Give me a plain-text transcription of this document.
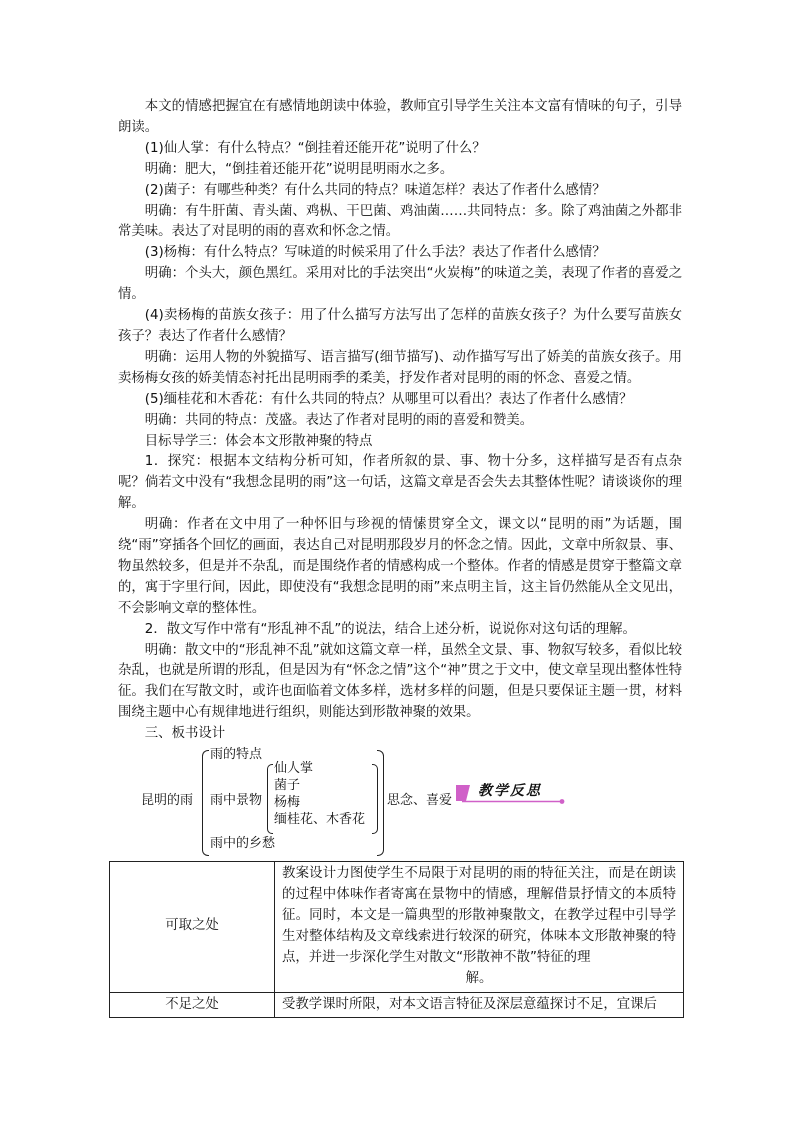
本文的情感把握宜在有感情地朗读中体验，教师宜引导学生关注本文富有情味的句子，引导朗读。

(1)仙人掌：有什么特点？“倒挂着还能开花”说明了什么？

明确：肥大，“倒挂着还能开花”说明昆明雨水之多。

(2)菌子：有哪些种类？有什么共同的特点？味道怎样？表达了作者什么感情？

明确：有牛肝菌、青头菌、鸡枞、干巴菌、鸡油菌……共同特点：多。除了鸡油菌之外都非常美味。表达了对昆明的雨的喜欢和怀念之情。

(3)杨梅：有什么特点？写味道的时候采用了什么手法？表达了作者什么感情？

明确：个头大，颜色黑红。采用对比的手法突出“火炭梅”的味道之美，表现了作者的喜爱之情。

(4)卖杨梅的苗族女孩子：用了什么描写方法写出了怎样的苗族女孩子？为什么要写苗族女孩子？表达了作者什么感情？

明确：运用人物的外貌描写、语言描写(细节描写)、动作描写写出了娇美的苗族女孩子。用卖杨梅女孩的娇美情态衬托出昆明雨季的柔美，抒发作者对昆明的雨的怀念、喜爱之情。

(5)缅桂花和木香花：有什么共同的特点？从哪里可以看出？表达了作者什么感情？

明确：共同的特点：茂盛。表达了作者对昆明的雨的喜爱和赞美。

目标导学三：体会本文形散神聚的特点

1．探究：根据本文结构分析可知，作者所叙的景、事、物十分多，这样描写是否有点杂呢？倘若文中没有“我想念昆明的雨”这一句话，这篇文章是否会失去其整体性呢？请谈谈你的理解。

明确：作者在文中用了一种怀旧与珍视的情愫贯穿全文，课文以“昆明的雨”为话题，围绕“雨”穿插各个回忆的画面，表达自己对昆明那段岁月的怀念之情。因此，文章中所叙景、事、物虽然较多，但是并不杂乱，而是围绕作者的情感构成一个整体。作者的情感是贯穿于整篇文章的，寓于字里行间，因此，即使没有“我想念昆明的雨”来点明主旨，这主旨仍然能从全文见出，不会影响文章的整体性。

2．散文写作中常有“形乱神不乱”的说法，结合上述分析，说说你对这句话的理解。

明确：散文中的“形乱神不乱”就如这篇文章一样，虽然全文景、事、物叙写较多，看似比较杂乱，也就是所谓的形乱，但是因为有“怀念之情”这个“神”贯之于文中，使文章呈现出整体性特征。我们在写散文时，或许也面临着文体多样，选材多样的问题，但是只要保证主题一贯，材料围绕主题中心有规律地进行组织，则能达到形散神聚的效果。

三、板书设计

昆明的雨
雨的特点
雨中景物
雨中的乡愁
仙人掌
菌子
杨梅
缅桂花、木香花
思念、喜爱
教学反思
可取之处	教案设计力图使学生不局限于对昆明的雨的特征关注，而是在朗读的过程中体味作者寄寓在景物中的情感，理解借景抒情文的本质特征。同时，本文是一篇典型的形散神聚散文，在教学过程中引导学生对整体结构及文章线索进行较深的研究，体味本文形散神聚的特点，并进一步深化学生对散文“形散神不散”特征的理
解。

不足之处	受教学课时所限，对本文语言特征及深层意蕴探讨不足，宜课后
